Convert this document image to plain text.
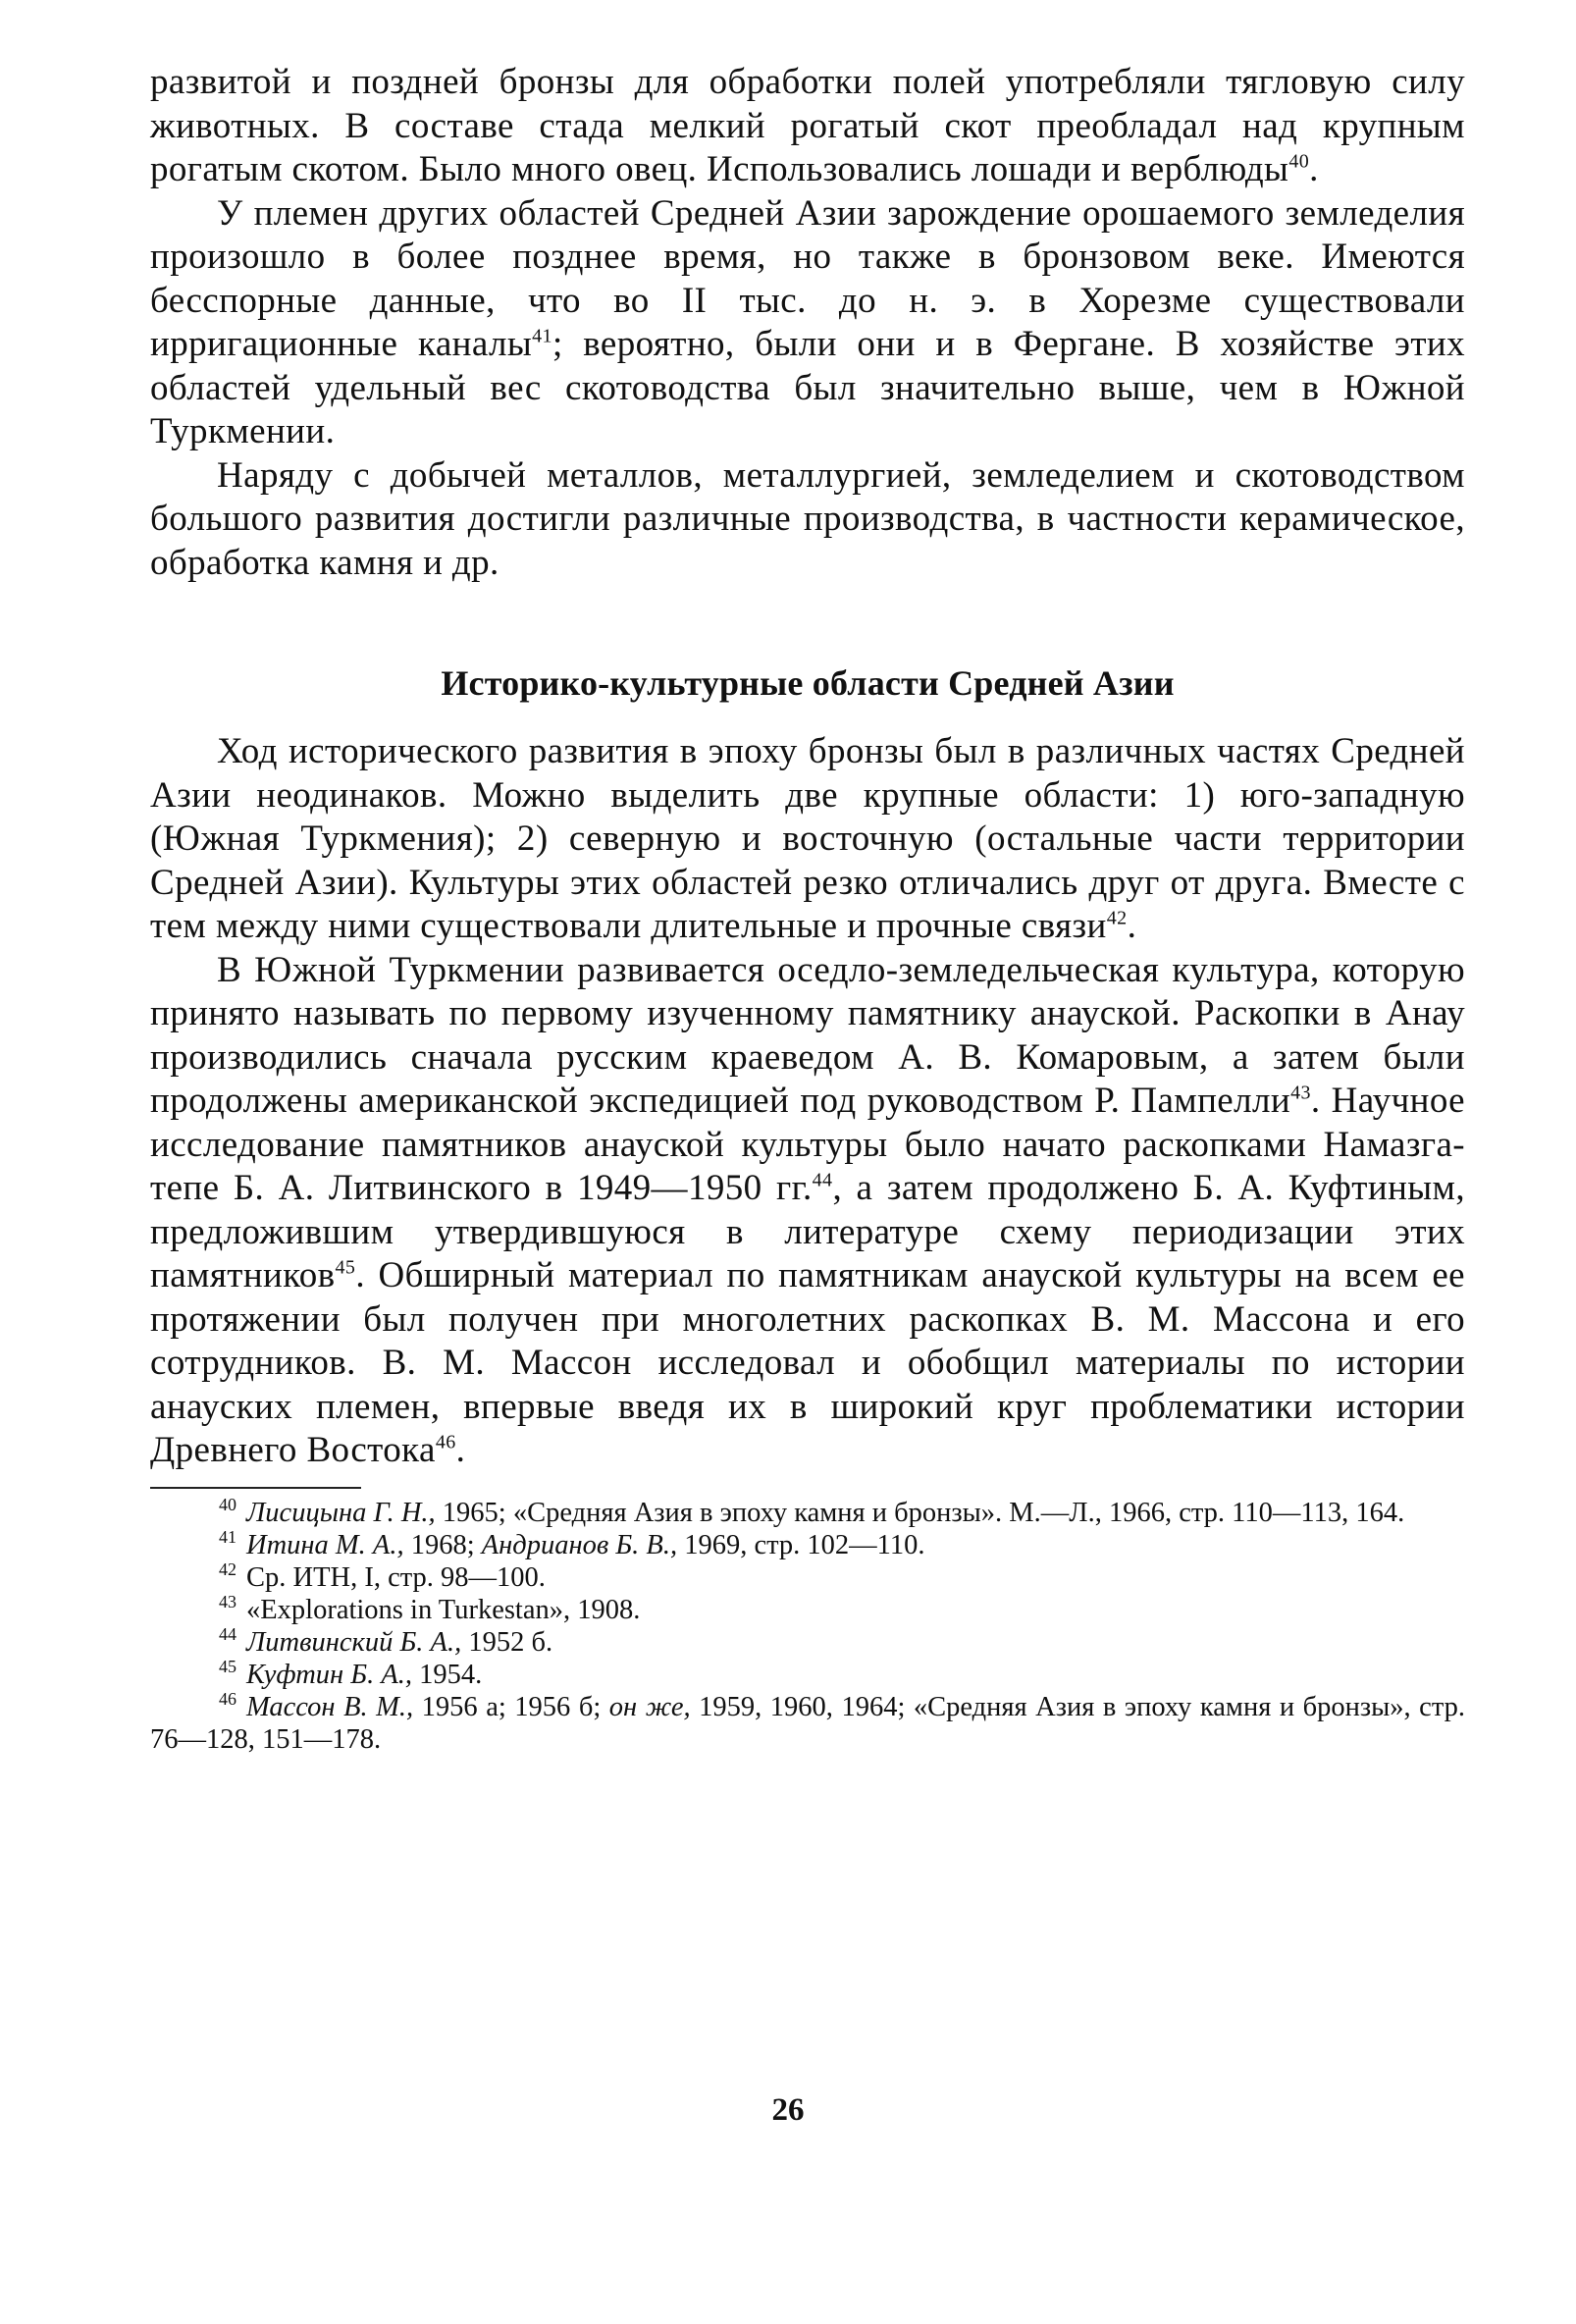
развитой и поздней бронзы для обработки полей употребляли тягловую силу животных. В составе стада мелкий рогатый скот преобладал над крупным рогатым скотом. Было много овец. Использовались лошади и верблюды$^{40}$.

У племен других областей Средней Азии зарождение орошаемого земледелия произошло в более позднее время, но также в бронзовом веке. Имеются бесспорные данные, что во II тыс. до н. э. в Хорезме существовали ирригационные каналы$^{41}$; вероятно, были они и в Фергане. В хозяйстве этих областей удельный вес скотоводства был значительно выше, чем в Южной Туркмении.

Наряду с добычей металлов, металлургией, земледелием и скотоводством большого развития достигли различные производства, в частности керамическое, обработка камня и др.

Историко-культурные области Средней Азии

Ход исторического развития в эпоху бронзы был в различных частях Средней Азии неодинаков. Можно выделить две крупные области: 1) юго-западную (Южная Туркмения); 2) северную и восточную (остальные части территории Средней Азии). Культуры этих областей резко отличались друг от друга. Вместе с тем между ними существовали длительные и прочные связи$^{42}$.

В Южной Туркмении развивается оседло-земледельческая культура, которую принято называть по первому изученному памятнику анауской. Раскопки в Анау производились сначала русским краеведом А. В. Комаровым, а затем были продолжены американской экспедицией под руководством Р. Пампелли$^{43}$. Научное исследование памятников анауской культуры было начато раскопками Намазга-тепе Б. А. Литвинского в 1949—1950 гг.$^{44}$, а затем продолжено Б. А. Куфтиным, предложившим утвердившуюся в литературе схему периодизации этих памятников$^{45}$. Обширный материал по памятникам анауской культуры на всем ее протяжении был получен при многолетних раскопках В. М. Массона и его сотрудников. В. М. Массон исследовал и обобщил материалы по истории анауских племен, впервые введя их в широкий круг проблематики истории Древнего Востока$^{46}$.

$^{40}$ Лисицына Г. Н., 1965; «Средняя Азия в эпоху камня и бронзы». М.—Л., 1966, стр. 110—113, 164.

$^{41}$ Итина М. А., 1968; Андрианов Б. В., 1969, стр. 102—110.

$^{42}$ Ср. ИТН, I, стр. 98—100.

$^{43}$ «Explorations in Turkestan», 1908.

$^{44}$ Литвинский Б. А., 1952 б.

$^{45}$ Куфтин Б. А., 1954.

$^{46}$ Массон В. М., 1956 а; 1956 б; он же, 1959, 1960, 1964; «Средняя Азия в эпоху камня и бронзы», стр. 76—128, 151—178.

26
